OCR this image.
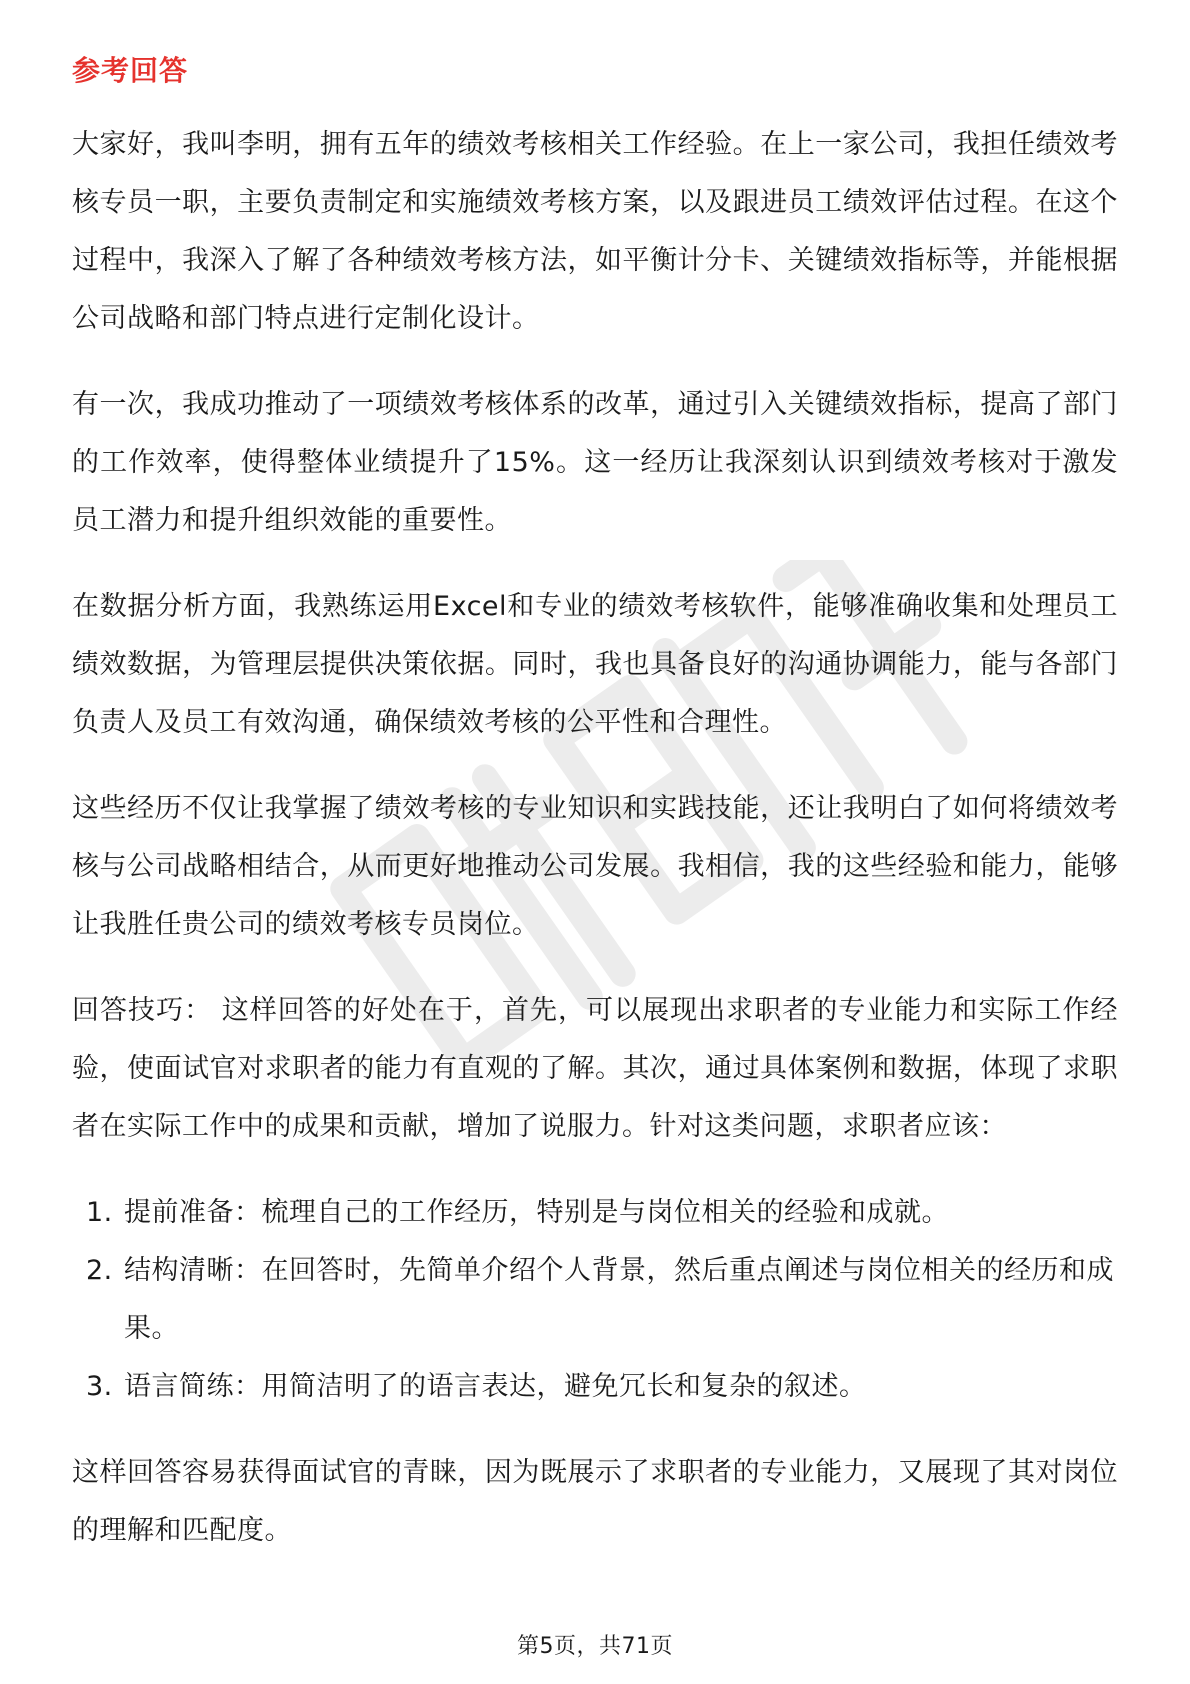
参考回答

大家好，我叫李明，拥有五年的绩效考核相关工作经验。在上一家公司，我担任绩效考核专员一职，主要负责制定和实施绩效考核方案，以及跟进员工绩效评估过程。在这个过程中，我深入了解了各种绩效考核方法，如平衡计分卡、关键绩效指标等，并能根据公司战略和部门特点进行定制化设计。

有一次，我成功推动了一项绩效考核体系的改革，通过引入关键绩效指标，提高了部门的工作效率，使得整体业绩提升了15%。这一经历让我深刻认识到绩效考核对于激发员工潜力和提升组织效能的重要性。

在数据分析方面，我熟练运用Excel和专业的绩效考核软件，能够准确收集和处理员工绩效数据，为管理层提供决策依据。同时，我也具备良好的沟通协调能力，能与各部门负责人及员工有效沟通，确保绩效考核的公平性和合理性。

这些经历不仅让我掌握了绩效考核的专业知识和实践技能，还让我明白了如何将绩效考核与公司战略相结合，从而更好地推动公司发展。我相信，我的这些经验和能力，能够让我胜任贵公司的绩效考核专员岗位。

回答技巧： 这样回答的好处在于，首先，可以展现出求职者的专业能力和实际工作经验，使面试官对求职者的能力有直观的了解。其次，通过具体案例和数据，体现了求职者在实际工作中的成果和贡献，增加了说服力。针对这类问题，求职者应该：

1. 提前准备：梳理自己的工作经历，特别是与岗位相关的经验和成就。
2. 结构清晰：在回答时，先简单介绍个人背景，然后重点阐述与岗位相关的经历和成果。
3. 语言简练：用简洁明了的语言表达，避免冗长和复杂的叙述。

这样回答容易获得面试官的青睐，因为既展示了求职者的专业能力，又展现了其对岗位的理解和匹配度。

第5页，共71页
